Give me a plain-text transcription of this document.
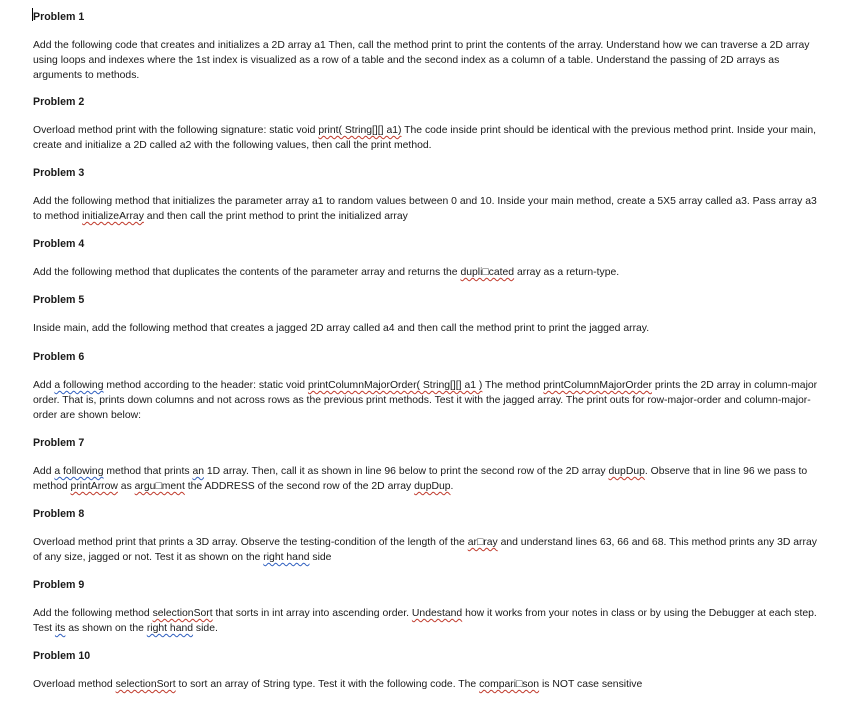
Problem 1

Add the following code that creates and initializes a 2D array a1 Then, call the method print to print the contents of the array. Understand how we can traverse a 2D array using loops and indexes where the 1st index is visualized as a row of a table and the second index as a column of a table. Understand the passing of 2D arrays as arguments to methods.

Problem 2

Overload method print with the following signature: static void print( String[][] a1) The code inside print should be identical with the previous method print. Inside your main, create and initialize a 2D called a2 with the following values, then call the print method.

Problem 3

Add the following method that initializes the parameter array a1 to random values between 0 and 10. Inside your main method, create a 5X5 array called a3. Pass array a3 to method initializeArray and then call the print method to print the initialized array

Problem 4

Add the following method that duplicates the contents of the parameter array and returns the dupli□cated array as a return-type.

Problem 5

Inside main, add the following method that creates a jagged 2D array called a4 and then call the method print to print the jagged array.

Problem 6

Add a following method according to the header: static void printColumnMajorOrder( String[][] a1 ) The method printColumnMajorOrder prints the 2D array in column-major order. That is, prints down columns and not across rows as the previous print methods. Test it with the jagged array. The print outs for row-major-order and column-major-order are shown below:

Problem 7

Add a following method that prints an 1D array. Then, call it as shown in line 96 below to print the second row of the 2D array dupDup. Observe that in line 96 we pass to method printArrow as argu□ment the ADDRESS of the second row of the 2D array dupDup.

Problem 8

Overload method print that prints a 3D array. Observe the testing-condition of the length of the ar□ray and understand lines 63, 66 and 68. This method prints any 3D array of any size, jagged or not. Test it as shown on the right hand side

Problem 9

Add the following method selectionSort that sorts in int array into ascending order. Undestand how it works from your notes in class or by using the Debugger at each step. Test its as shown on the right hand side.

Problem 10

Overload method selectionSort to sort an array of String type. Test it with the following code. The compari□son is NOT case sensitive
